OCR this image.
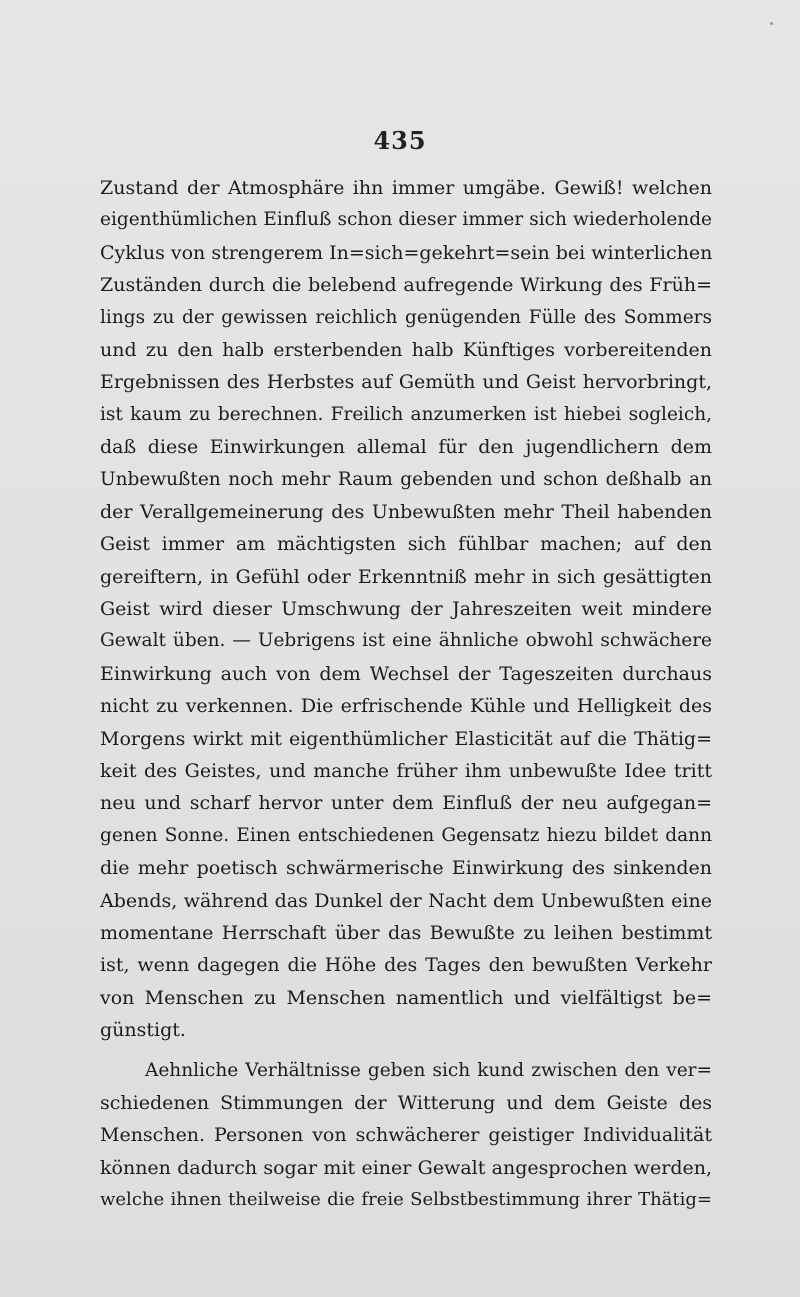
435
Zustand der Atmosphäre ihn immer umgäbe. Gewiß! welchen
eigenthümlichen Einfluß schon dieser immer sich wiederholende
Cyklus von strengerem In=sich=gekehrt=sein bei winterlichen
Zuständen durch die belebend aufregende Wirkung des Früh=
lings zu der gewissen reichlich genügenden Fülle des Sommers
und zu den halb ersterbenden halb Künftiges vorbereitenden
Ergebnissen des Herbstes auf Gemüth und Geist hervorbringt,
ist kaum zu berechnen. Freilich anzumerken ist hiebei sogleich,
daß diese Einwirkungen allemal für den jugendlichern dem
Unbewußten noch mehr Raum gebenden und schon deßhalb an
der Verallgemeinerung des Unbewußten mehr Theil habenden
Geist immer am mächtigsten sich fühlbar machen; auf den
gereiftern, in Gefühl oder Erkenntniß mehr in sich gesättigten
Geist wird dieser Umschwung der Jahreszeiten weit mindere
Gewalt üben. — Uebrigens ist eine ähnliche obwohl schwächere
Einwirkung auch von dem Wechsel der Tageszeiten durchaus
nicht zu verkennen. Die erfrischende Kühle und Helligkeit des
Morgens wirkt mit eigenthümlicher Elasticität auf die Thätig=
keit des Geistes, und manche früher ihm unbewußte Idee tritt
neu und scharf hervor unter dem Einfluß der neu aufgegan=
genen Sonne. Einen entschiedenen Gegensatz hiezu bildet dann
die mehr poetisch schwärmerische Einwirkung des sinkenden
Abends, während das Dunkel der Nacht dem Unbewußten eine
momentane Herrschaft über das Bewußte zu leihen bestimmt
ist, wenn dagegen die Höhe des Tages den bewußten Verkehr
von Menschen zu Menschen namentlich und vielfältigst be=
günstigt.
Aehnliche Verhältnisse geben sich kund zwischen den ver=
schiedenen Stimmungen der Witterung und dem Geiste des
Menschen. Personen von schwächerer geistiger Individualität
können dadurch sogar mit einer Gewalt angesprochen werden,
welche ihnen theilweise die freie Selbstbestimmung ihrer Thätig=
